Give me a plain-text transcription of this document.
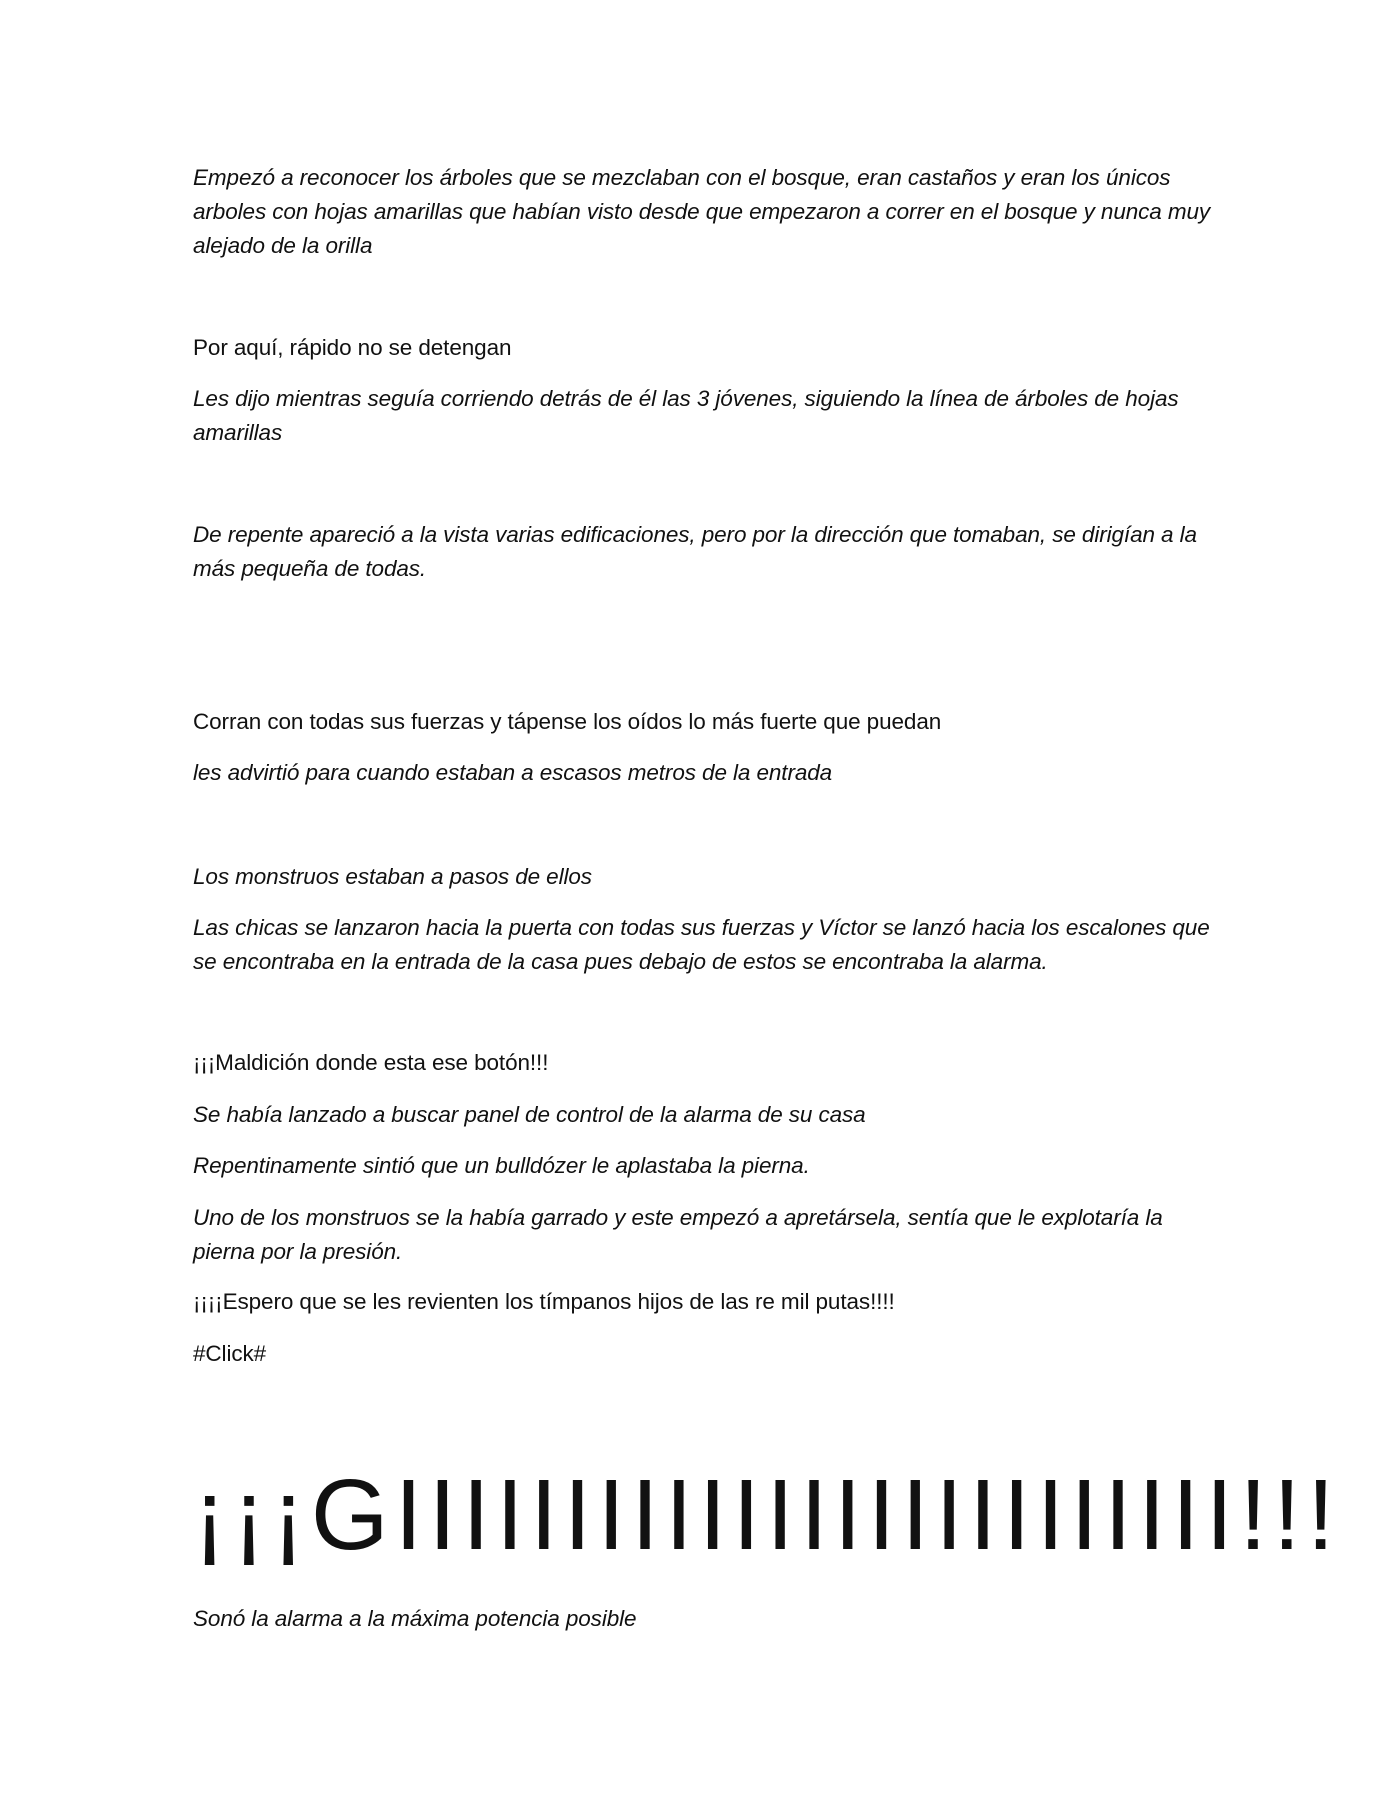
Empezó a reconocer los árboles que se mezclaban con el bosque, eran castaños y eran los únicos arboles con hojas amarillas que habían visto desde que empezaron a correr en el bosque y nunca muy alejado de la orilla

Por aquí, rápido no se detengan

Les dijo mientras seguía corriendo detrás de él las 3 jóvenes, siguiendo la línea de árboles de hojas amarillas

De repente apareció a la vista varias edificaciones, pero por la dirección que tomaban, se dirigían a la más pequeña de todas.

Corran con todas sus fuerzas y tápense los oídos lo más fuerte que puedan

les advirtió para cuando estaban a escasos metros de la entrada

Los monstruos estaban a pasos de ellos

Las chicas se lanzaron hacia la puerta con todas sus fuerzas y Víctor se lanzó hacia los escalones que se encontraba en la entrada de la casa pues debajo de estos se encontraba la alarma.

¡¡¡Maldición donde esta ese botón!!!

Se había lanzado a buscar panel de control de la alarma de su casa

Repentinamente sintió que un bulldózer le aplastaba la pierna.

Uno de los monstruos se la había garrado y este empezó a apretársela, sentía que le explotaría la pierna por la presión.

¡¡¡¡Espero que se les revienten los tímpanos hijos de las re mil putas!!!!

#Click#

¡¡¡GIIIIIIIIIIIIIIIIIIIIIIIII!!!

Sonó la alarma a la máxima potencia posible
